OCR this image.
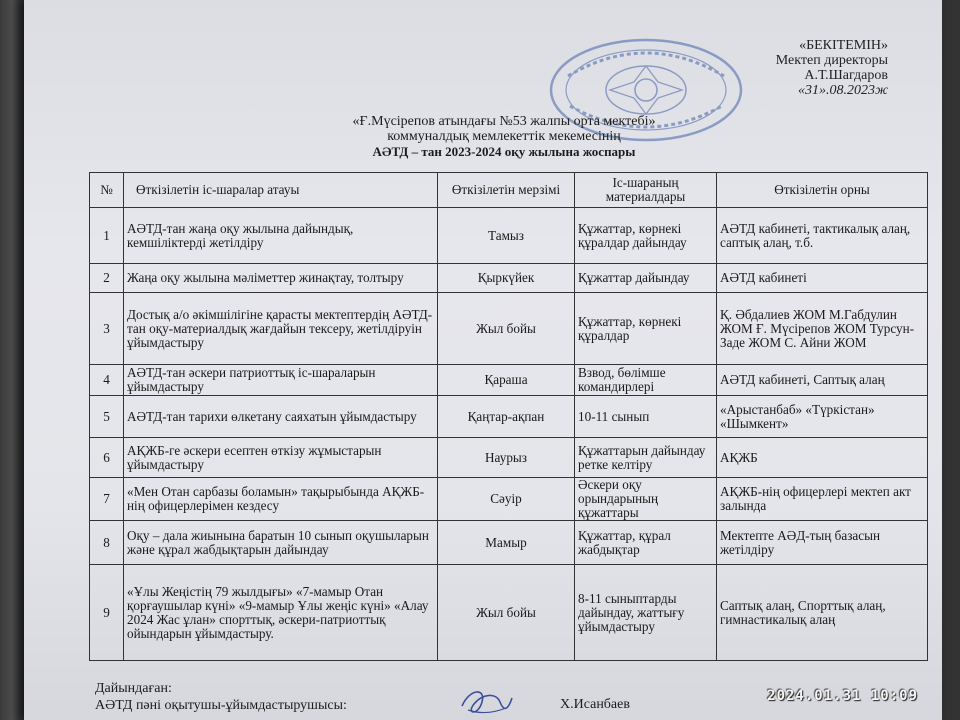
«БЕКІТЕМІН»
Мектеп директоры
А.Т.Шагдаров
«31».08.2023ж
«Ғ.Мүсірепов атындағы №53 жалпы орта мектебі»
коммуналдық мемлекеттік мекемесінің
АӘТД – тан 2023-2024 оқу жылына жоспары
№	Өткізілетін іс-шаралар атауы	Өткізілетін мерзімі	Іс-шараның материалдары	Өткізілетін орны
1	АӘТД-тан жаңа оқу жылына дайындық, кемшіліктерді жетілдіру	Тамыз	Құжаттар, көрнекі құралдар дайындау	АӘТД кабинеті, тактикалық алаң, саптық алаң, т.б.
2	Жаңа оқу жылына мәліметтер жинақтау, толтыру	Қыркүйек	Құжаттар дайындау	АӘТД кабинеті
3	Достық а/о әкімшілігіне қарасты мектептердің АӘТД-тан оқу-материалдық жағдайын тексеру, жетілдіруін ұйымдастыру	Жыл бойы	Құжаттар, көрнекі құралдар	Қ. Әбдалиев ЖОМ М.Габдулин ЖОМ Ғ. Мүсірепов ЖОМ Турсун-Заде ЖОМ С. Айни ЖОМ
4	АӘТД-тан әскери патриоттық іс-шараларын ұйымдастыру	Қараша	Взвод, бөлімше командирлері	АӘТД кабинеті, Саптық алаң
5	АӘТД-тан тарихи өлкетану саяхатын ұйымдастыру	Қаңтар-ақпан	10-11 сынып	«Арыстанбаб» «Түркістан» «Шымкент»
6	АҚЖБ-ге әскери есептен өткізу жұмыстарын ұйымдастыру	Наурыз	Құжаттарын дайындау ретке келтіру	АҚЖБ
7	«Мен Отан сарбазы боламын» тақырыбында АҚЖБ-нің офицерлерімен кездесу	Сәуір	Әскери оқу орындарының құжаттары	АҚЖБ-нің офицерлері мектеп акт залында
8	Оқу – дала жиынына баратын 10 сынып оқушыларын және құрал жабдықтарын дайындау	Мамыр	Құжаттар, құрал жабдықтар	Мектепте АӘД-тың базасын жетілдіру
9	«Ұлы Жеңістің 79 жылдығы» «7-мамыр Отан қорғаушылар күні» «9-мамыр Ұлы жеңіс күні» «Алау 2024 Жас ұлан» спорттық, әскери-патриоттық ойындарын ұйымдастыру.	Жыл бойы	8-11 сыныптарды дайындау, жаттығу ұйымдастыру	Саптық алаң, Спорттық алаң, гимнастикалық алаң
Дайындаған:
АӘТД пәні оқытушы-ұйымдастырушысы:	Х.Исанбаев
2024.01.31 10:09
